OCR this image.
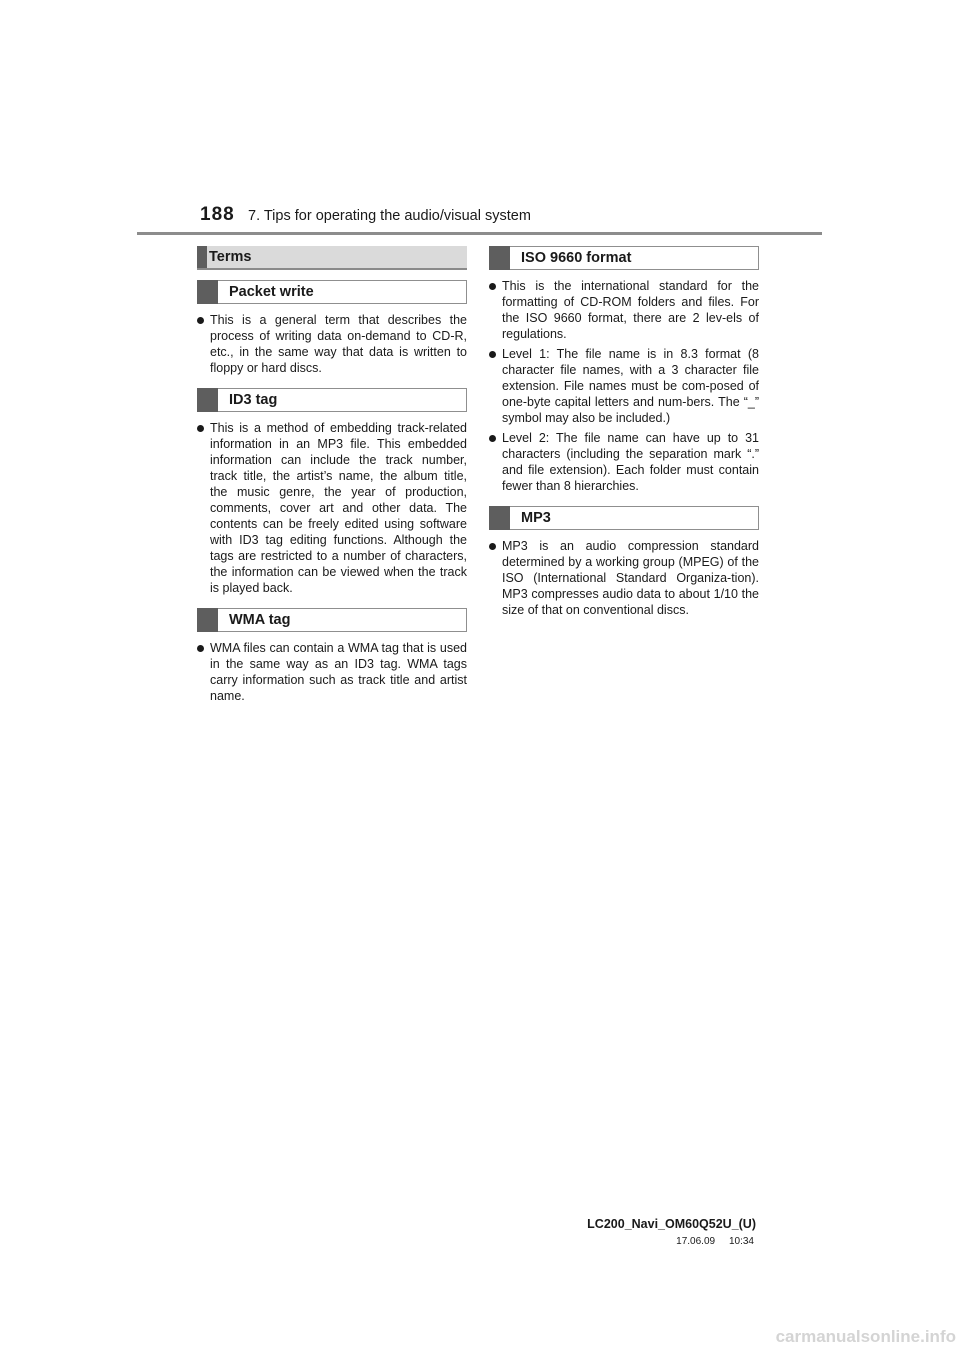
188 7. Tips for operating the audio/visual system
Terms
Packet write

This is a general term that describes the process of writing data on-demand to CD-R, etc., in the same way that data is written to floppy or hard discs.

ID3 tag

This is a method of embedding track-related information in an MP3 file. This embedded information can include the track number, track title, the artist’s name, the album title, the music genre, the year of production, comments, cover art and other data. The contents can be freely edited using software with ID3 tag editing functions. Although the tags are restricted to a number of characters, the information can be viewed when the track is played back.

WMA tag

WMA files can contain a WMA tag that is used in the same way as an ID3 tag. WMA tags carry information such as track title and artist name.

ISO 9660 format

This is the international standard for the formatting of CD-ROM folders and files. For the ISO 9660 format, there are 2 lev-els of regulations.

Level 1: The file name is in 8.3 format (8 character file names, with a 3 character file extension. File names must be com-posed of one-byte capital letters and num-bers. The “_” symbol may also be included.)

Level 2: The file name can have up to 31 characters (including the separation mark “.” and file extension). Each folder must contain fewer than 8 hierarchies.

MP3

MP3 is an audio compression standard determined by a working group (MPEG) of the ISO (International Standard Organiza-tion). MP3 compresses audio data to about 1/10 the size of that on conventional discs.

LC200_Navi_OM60Q52U_(U)
17.06.09     10:34
carmanualsonline.info
